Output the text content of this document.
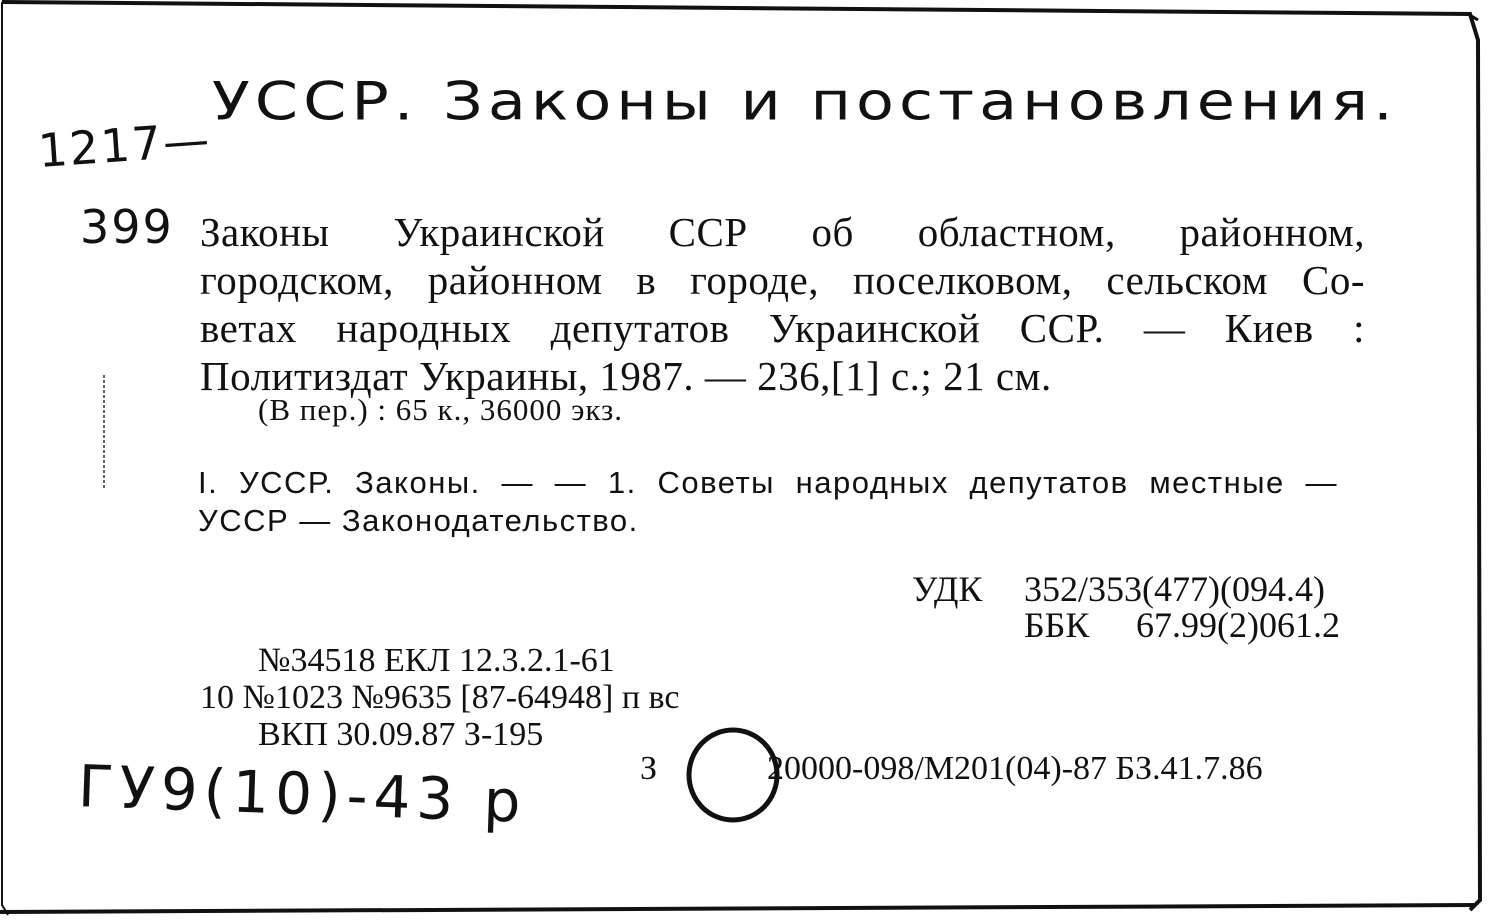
УССР. Законы и постановления.
1217—
399
ГУ9(10)-43 р
Законы Украинской ССР об областном, районном,
городском, районном в городе, поселковом, сельском Со-
ветах народных депутатов Украинской ССР. — Киев :
Политиздат Украины, 1987. — 236,[1] с.; 21 см.
(В пер.) : 65 к., 36000 экз.
I. УССР. Законы. — — 1. Советы народных депутатов местные —
УССР — Законодательство.
УДК 352/353(477)(094.4)
ББК 67.99(2)061.2
№34518 ЕКЛ 12.3.2.1-61
10 №1023 №9635 [87-64948] п вс
ВКП 30.09.87 З-195
З	20000-098/М201(04)-87 БЗ.41.7.86
